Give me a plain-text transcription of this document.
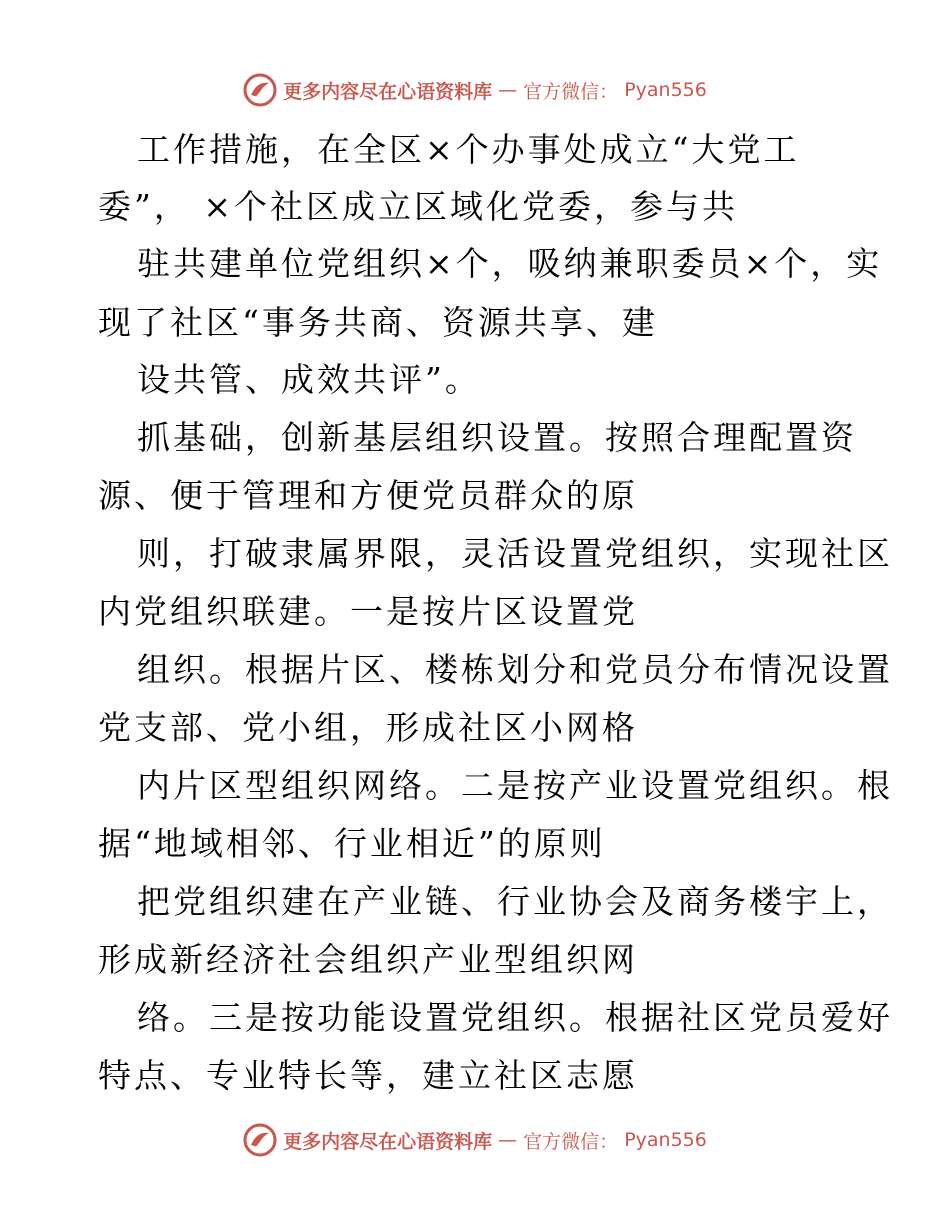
更多内容尽在心语资料库 — 官方微信： Pyan556
工作措施，在全区×个办事处成立“大党工
委”， ×个社区成立区域化党委，参与共
驻共建单位党组织×个，吸纳兼职委员×个，实
现了社区“事务共商、资源共享、建
设共管、成效共评”。
抓基础，创新基层组织设置。按照合理配置资
源、便于管理和方便党员群众的原
则，打破隶属界限，灵活设置党组织，实现社区
内党组织联建。一是按片区设置党
组织。根据片区、楼栋划分和党员分布情况设置
党支部、党小组，形成社区小网格
内片区型组织网络。二是按产业设置党组织。根
据“地域相邻、行业相近”的原则
把党组织建在产业链、行业协会及商务楼宇上，
形成新经济社会组织产业型组织网
络。三是按功能设置党组织。根据社区党员爱好
特点、专业特长等，建立社区志愿
更多内容尽在心语资料库 — 官方微信： Pyan556
